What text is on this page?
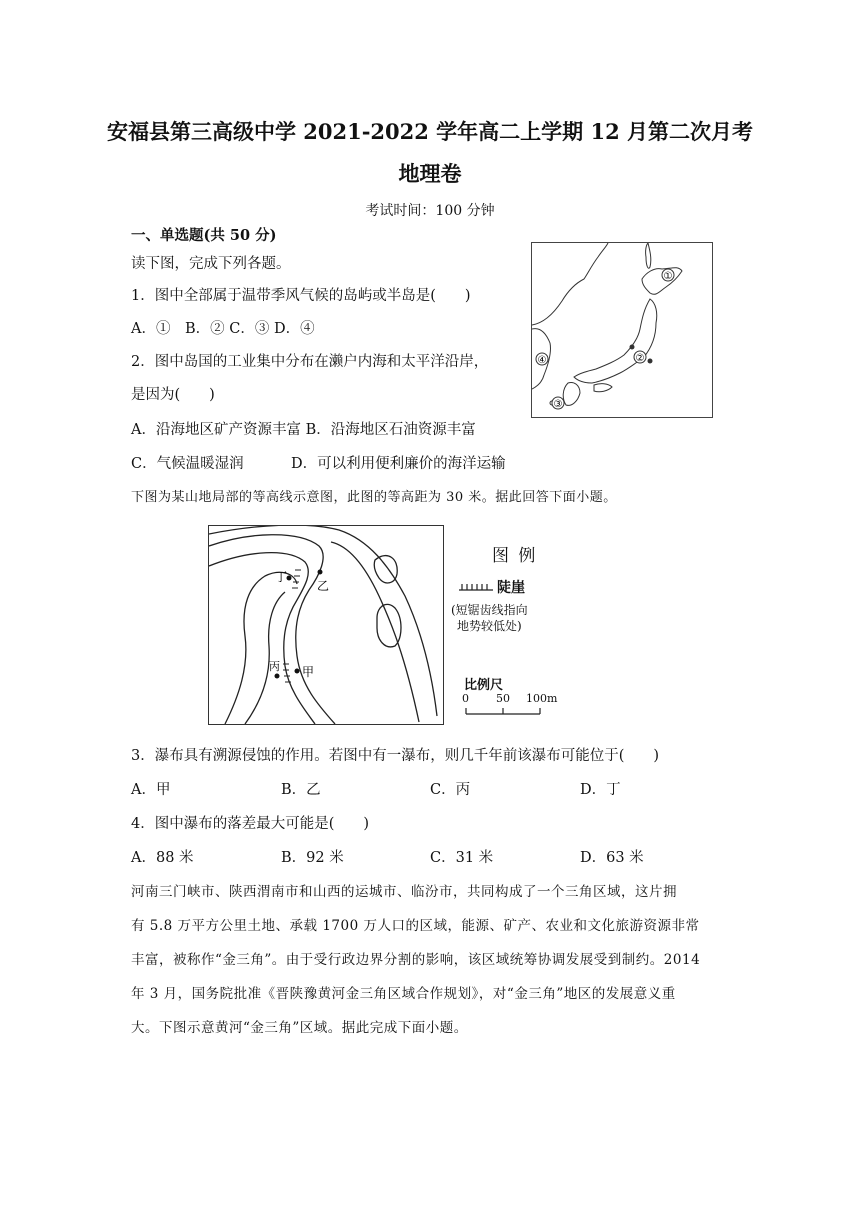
安福县第三高级中学 2021-2022 学年高二上学期 12 月第二次月考
地理卷
考试时间：100 分钟
一、单选题(共 50 分)
读下图，完成下列各题。
1．图中全部属于温带季风气候的岛屿或半岛是(　　)
A．①　B．② C．③ D．④
2．图中岛国的工业集中分布在濑户内海和太平洋沿岸，
是因为(　　)
A．沿海地区矿产资源丰富 B．沿海地区石油资源丰富
C．气候温暖湿润	D．可以利用便利廉价的海洋运输
①
②
③
④
下图为某山地局部的等高线示意图，此图的等高距为 30 米。据此回答下面小题。
丁
乙
丙 甲
图 例
陡崖
(短锯齿线指向
地势较低处)
比例尺
0 50 100m
3．瀑布具有溯源侵蚀的作用。若图中有一瀑布，则几千年前该瀑布可能位于(　　)
A．甲	B．乙	C．丙	D．丁
4．图中瀑布的落差最大可能是(　　)
A．88 米	B．92 米	C．31 米	D．63 米
河南三门峡市、陕西渭南市和山西的运城市、临汾市，共同构成了一个三角区域，这片拥
有 5.8 万平方公里土地、承载 1700 万人口的区域，能源、矿产、农业和文化旅游资源非常
丰富，被称作“金三角”。由于受行政边界分割的影响，该区域统筹协调发展受到制约。2014
年 3 月，国务院批准《晋陕豫黄河金三角区域合作规划》，对“金三角”地区的发展意义重
大。下图示意黄河“金三角”区域。据此完成下面小题。
